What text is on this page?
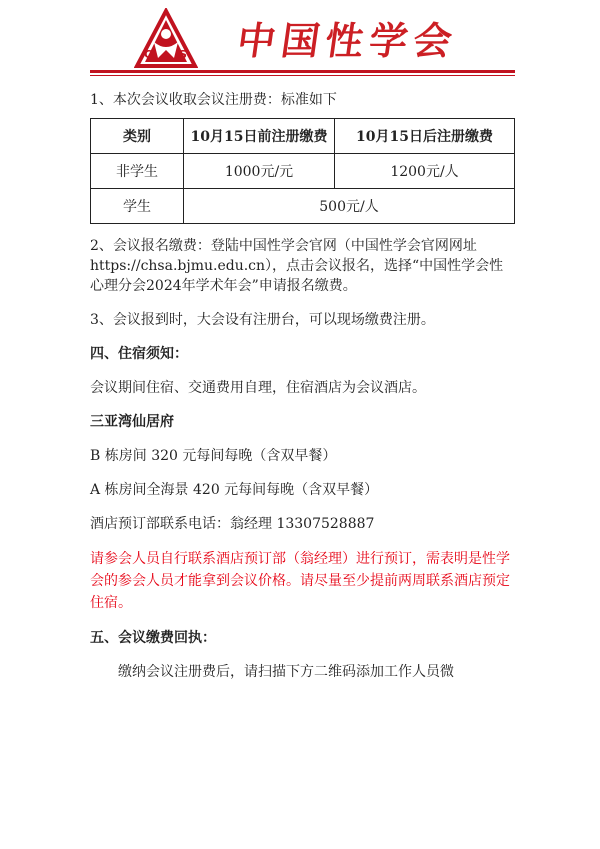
C S 中国性学会

1、本次会议收取会议注册费：标准如下

类别	10月15日前注册缴费	10月15日后注册缴费
非学生	1000元/元	1200元/人
学生	500元/人	

2、会议报名缴费：登陆中国性学会官网（中国性学会官网网址 https://chsa.bjmu.edu.cn），点击会议报名，选择“中国性学会性心理分会2024年学术年会”申请报名缴费。

3、会议报到时，大会设有注册台，可以现场缴费注册。

四、住宿须知：

会议期间住宿、交通费用自理，住宿酒店为会议酒店。

三亚湾仙居府

B 栋房间 320 元每间每晚（含双早餐）

A 栋房间全海景 420 元每间每晚（含双早餐）

酒店预订部联系电话：翁经理 13307528887

请参会人员自行联系酒店预订部（翁经理）进行预订，需表明是性学会的参会人员才能拿到会议价格。请尽量至少提前两周联系酒店预定住宿。

五、会议缴费回执：

缴纳会议注册费后，请扫描下方二维码添加工作人员微
